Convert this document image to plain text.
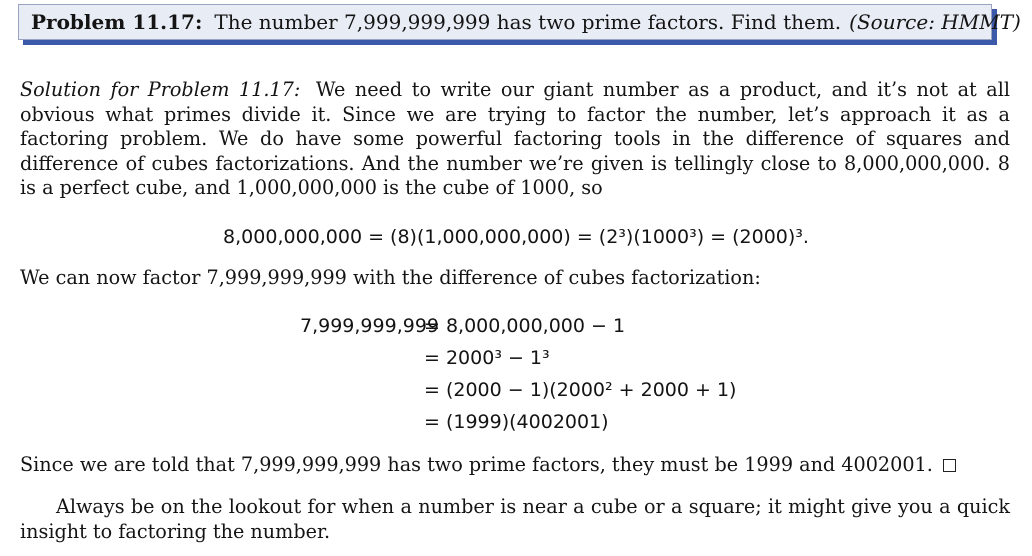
Problem 11.17: The number 7,999,999,999 has two prime factors. Find them. (Source: HMMT)
Solution for Problem 11.17: We need to write our giant number as a product, and it’s not at all obvious what primes divide it. Since we are trying to factor the number, let’s approach it as a factoring problem. We do have some powerful factoring tools in the difference of squares and difference of cubes factorizations. And the number we’re given is tellingly close to 8,000,000,000. 8 is a perfect cube, and 1,000,000,000 is the cube of 1000, so
8,000,000,000 = (8)(1,000,000,000) = (2³)(1000³) = (2000)³.
We can now factor 7,999,999,999 with the difference of cubes factorization:
7,999,999,999
= 8,000,000,000 − 1
= 2000³ − 1³
= (2000 − 1)(2000² + 2000 + 1)
= (1999)(4002001)
Since we are told that 7,999,999,999 has two prime factors, they must be 1999 and 4002001.
Always be on the lookout for when a number is near a cube or a square; it might give you a quick insight to factoring the number.
